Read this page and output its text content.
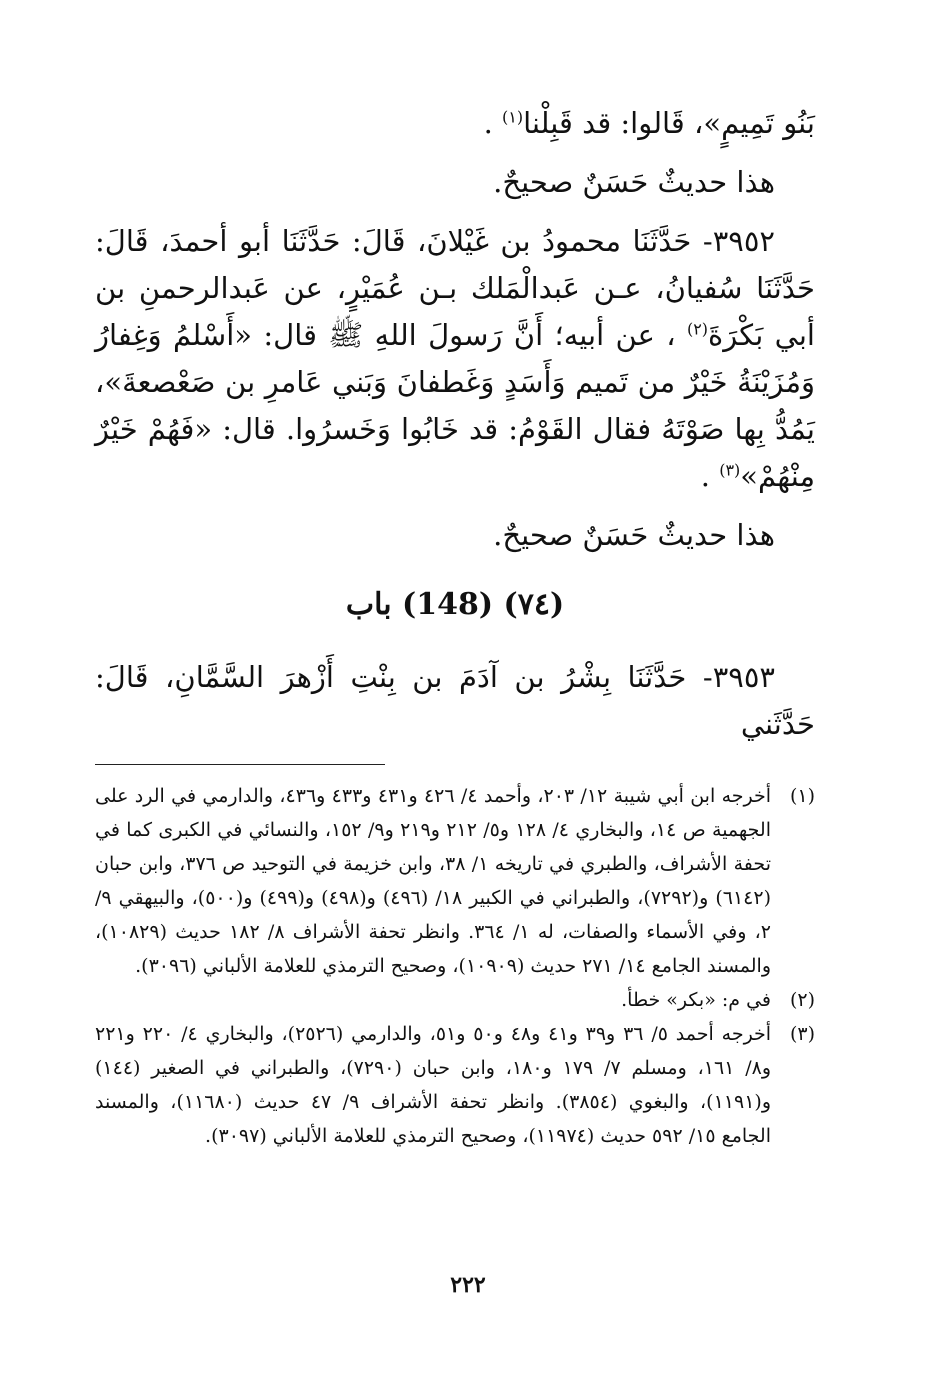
بَنُو تَمِيمٍ»، قَالوا: قد قَبِلْنا$^{(١)}$ .

هذا حديثٌ حَسَنٌ صحيحٌ.

٣٩٥٢- حَدَّثَنَا محمودُ بن غَيْلانَ، قَالَ: حَدَّثَنَا أبو أحمدَ، قَالَ: حَدَّثَنَا سُفيانُ، عـن عَبدالْمَلك بـن عُمَيْرٍ، عن عَبدالرحمنِ بن أبي بَكْرَةَ$^{(٢)}$ ، عن أبيه؛ أَنَّ رَسولَ اللهِ ﷺ قال: «أَسْلمُ وَغِفارُ وَمُزَيْنَةُ خَيْرٌ من تَميم وَأَسَدٍ وَغَطفانَ وَبَني عَامرِ بن صَعْصعةَ»، يَمُدُّ بِها صَوْتَهُ فقال القَوْمُ: قد خَابُوا وَخَسرُوا. قال: «فَهُمْ خَيْرٌ مِنْهُمْ»$^{(٣)}$ .

هذا حديثٌ حَسَنٌ صحيحٌ.

(٧٤) (148) باب

٣٩٥٣- حَدَّثَنَا بِشْرُ بن آدَمَ بن بِنْتِ أَزْهرَ السَّمَّانِ، قَالَ: حَدَّثَني

(١)
أخرجه ابن أبي شيبة ١٢/ ٢٠٣، وأحمد ٤/ ٤٢٦ و٤٣١ و٤٣٣ و٤٣٦، والدارمي في الرد على الجهمية ص ١٤، والبخاري ٤/ ١٢٨ و٥/ ٢١٢ و٢١٩ و٩/ ١٥٢، والنسائي في الكبرى كما في تحفة الأشراف، والطبري في تاريخه ١/ ٣٨، وابن خزيمة في التوحيد ص ٣٧٦، وابن حبان (٦١٤٢) و(٧٢٩٢)، والطبراني في الكبير ١٨/ (٤٩٦) و(٤٩٨) و(٤٩٩) و(٥٠٠)، والبيهقي ٩/ ٢، وفي الأسماء والصفات، له ١/ ٣٦٤. وانظر تحفة الأشراف ٨/ ١٨٢ حديث (١٠٨٢٩)، والمسند الجامع ١٤/ ٢٧١ حديث (١٠٩٠٩)، وصحيح الترمذي للعلامة الألباني (٣٠٩٦).
(٢)
في م: «بكر» خطأ.
(٣)
أخرجه أحمد ٥/ ٣٦ و٣٩ و٤١ و٤٨ و٥٠ و٥١، والدارمي (٢٥٢٦)، والبخاري ٤/ ٢٢٠ و٢٢١ و٨/ ١٦١، ومسلم ٧/ ١٧٩ و١٨٠، وابن حبان (٧٢٩٠)، والطبراني في الصغير (١٤٤) و(١١٩١)، والبغوي (٣٨٥٤). وانظر تحفة الأشراف ٩/ ٤٧ حديث (١١٦٨٠)، والمسند الجامع ١٥/ ٥٩٢ حديث (١١٩٧٤)، وصحيح الترمذي للعلامة الألباني (٣٠٩٧).
٢٢٢
